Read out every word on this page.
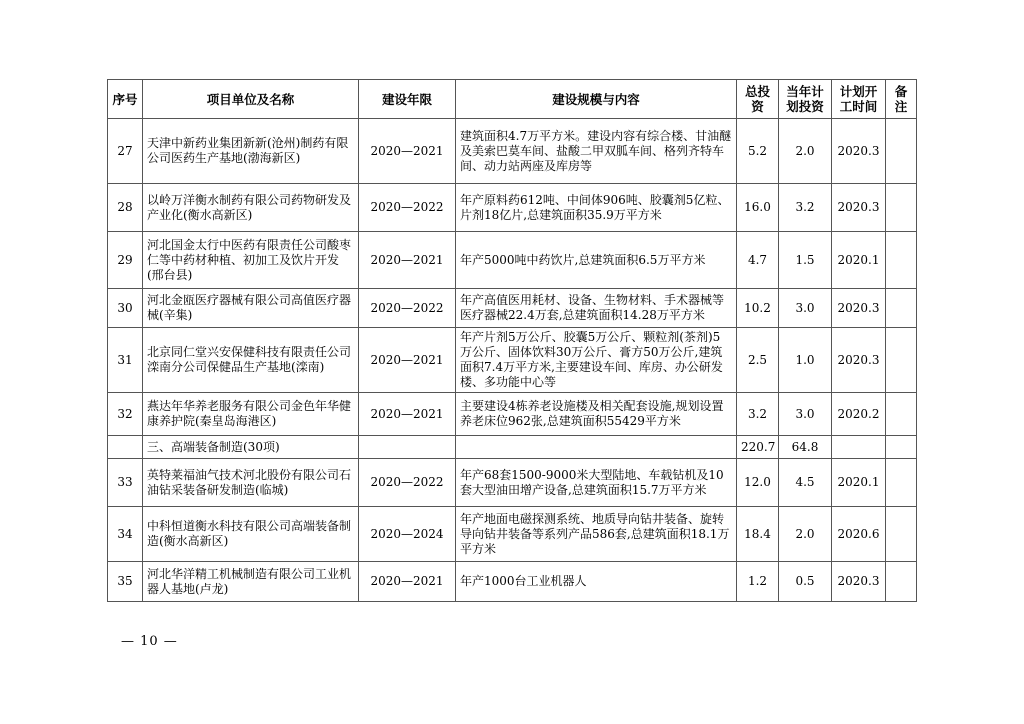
序号	项目单位及名称	建设年限	建设规模与内容	总投资	当年计划投资	计划开工时间	备注
27	天津中新药业集团新新(沧州)制药有限公司医药生产基地(渤海新区)	2020—2021	建筑面积4.7万平方米。建设内容有综合楼、甘油醚及美索巴莫车间、盐酸二甲双胍车间、格列齐特车间、动力站两座及库房等	5.2	2.0	2020.3	
28	以岭万洋衡水制药有限公司药物研发及产业化(衡水高新区)	2020—2022	年产原料药612吨、中间体906吨、胶囊剂5亿粒、片剂18亿片,总建筑面积35.9万平方米	16.0	3.2	2020.3	
29	河北国金太行中医药有限责任公司酸枣仁等中药材种植、初加工及饮片开发(邢台县)	2020—2021	年产5000吨中药饮片,总建筑面积6.5万平方米	4.7	1.5	2020.1	
30	河北金瓯医疗器械有限公司高值医疗器械(辛集)	2020—2022	年产高值医用耗材、设备、生物材料、手术器械等医疗器械22.4万套,总建筑面积14.28万平方米	10.2	3.0	2020.3	
31	北京同仁堂兴安保健科技有限责任公司滦南分公司保健品生产基地(滦南)	2020—2021	年产片剂5万公斤、胶囊5万公斤、颗粒剂(茶剂)5万公斤、固体饮料30万公斤、膏方50万公斤,建筑面积7.4万平方米,主要建设车间、库房、办公研发楼、多功能中心等	2.5	1.0	2020.3	
32	燕达年华养老服务有限公司金色年华健康养护院(秦皇岛海港区)	2020—2021	主要建设4栋养老设施楼及相关配套设施,规划设置养老床位962张,总建筑面积55429平方米	3.2	3.0	2020.2	
	三、高端装备制造(30项)			220.7	64.8		
33	英特莱福油气技术河北股份有限公司石油钻采装备研发制造(临城)	2020—2022	年产68套1500-9000米大型陆地、车载钻机及10套大型油田增产设备,总建筑面积15.7万平方米	12.0	4.5	2020.1	
34	中科恒道衡水科技有限公司高端装备制造(衡水高新区)	2020—2024	年产地面电磁探测系统、地质导向钻井装备、旋转导向钻井装备等系列产品586套,总建筑面积18.1万平方米	18.4	2.0	2020.6	
35	河北华洋精工机械制造有限公司工业机器人基地(卢龙)	2020—2021	年产1000台工业机器人	1.2	0.5	2020.3	
— 10 —
